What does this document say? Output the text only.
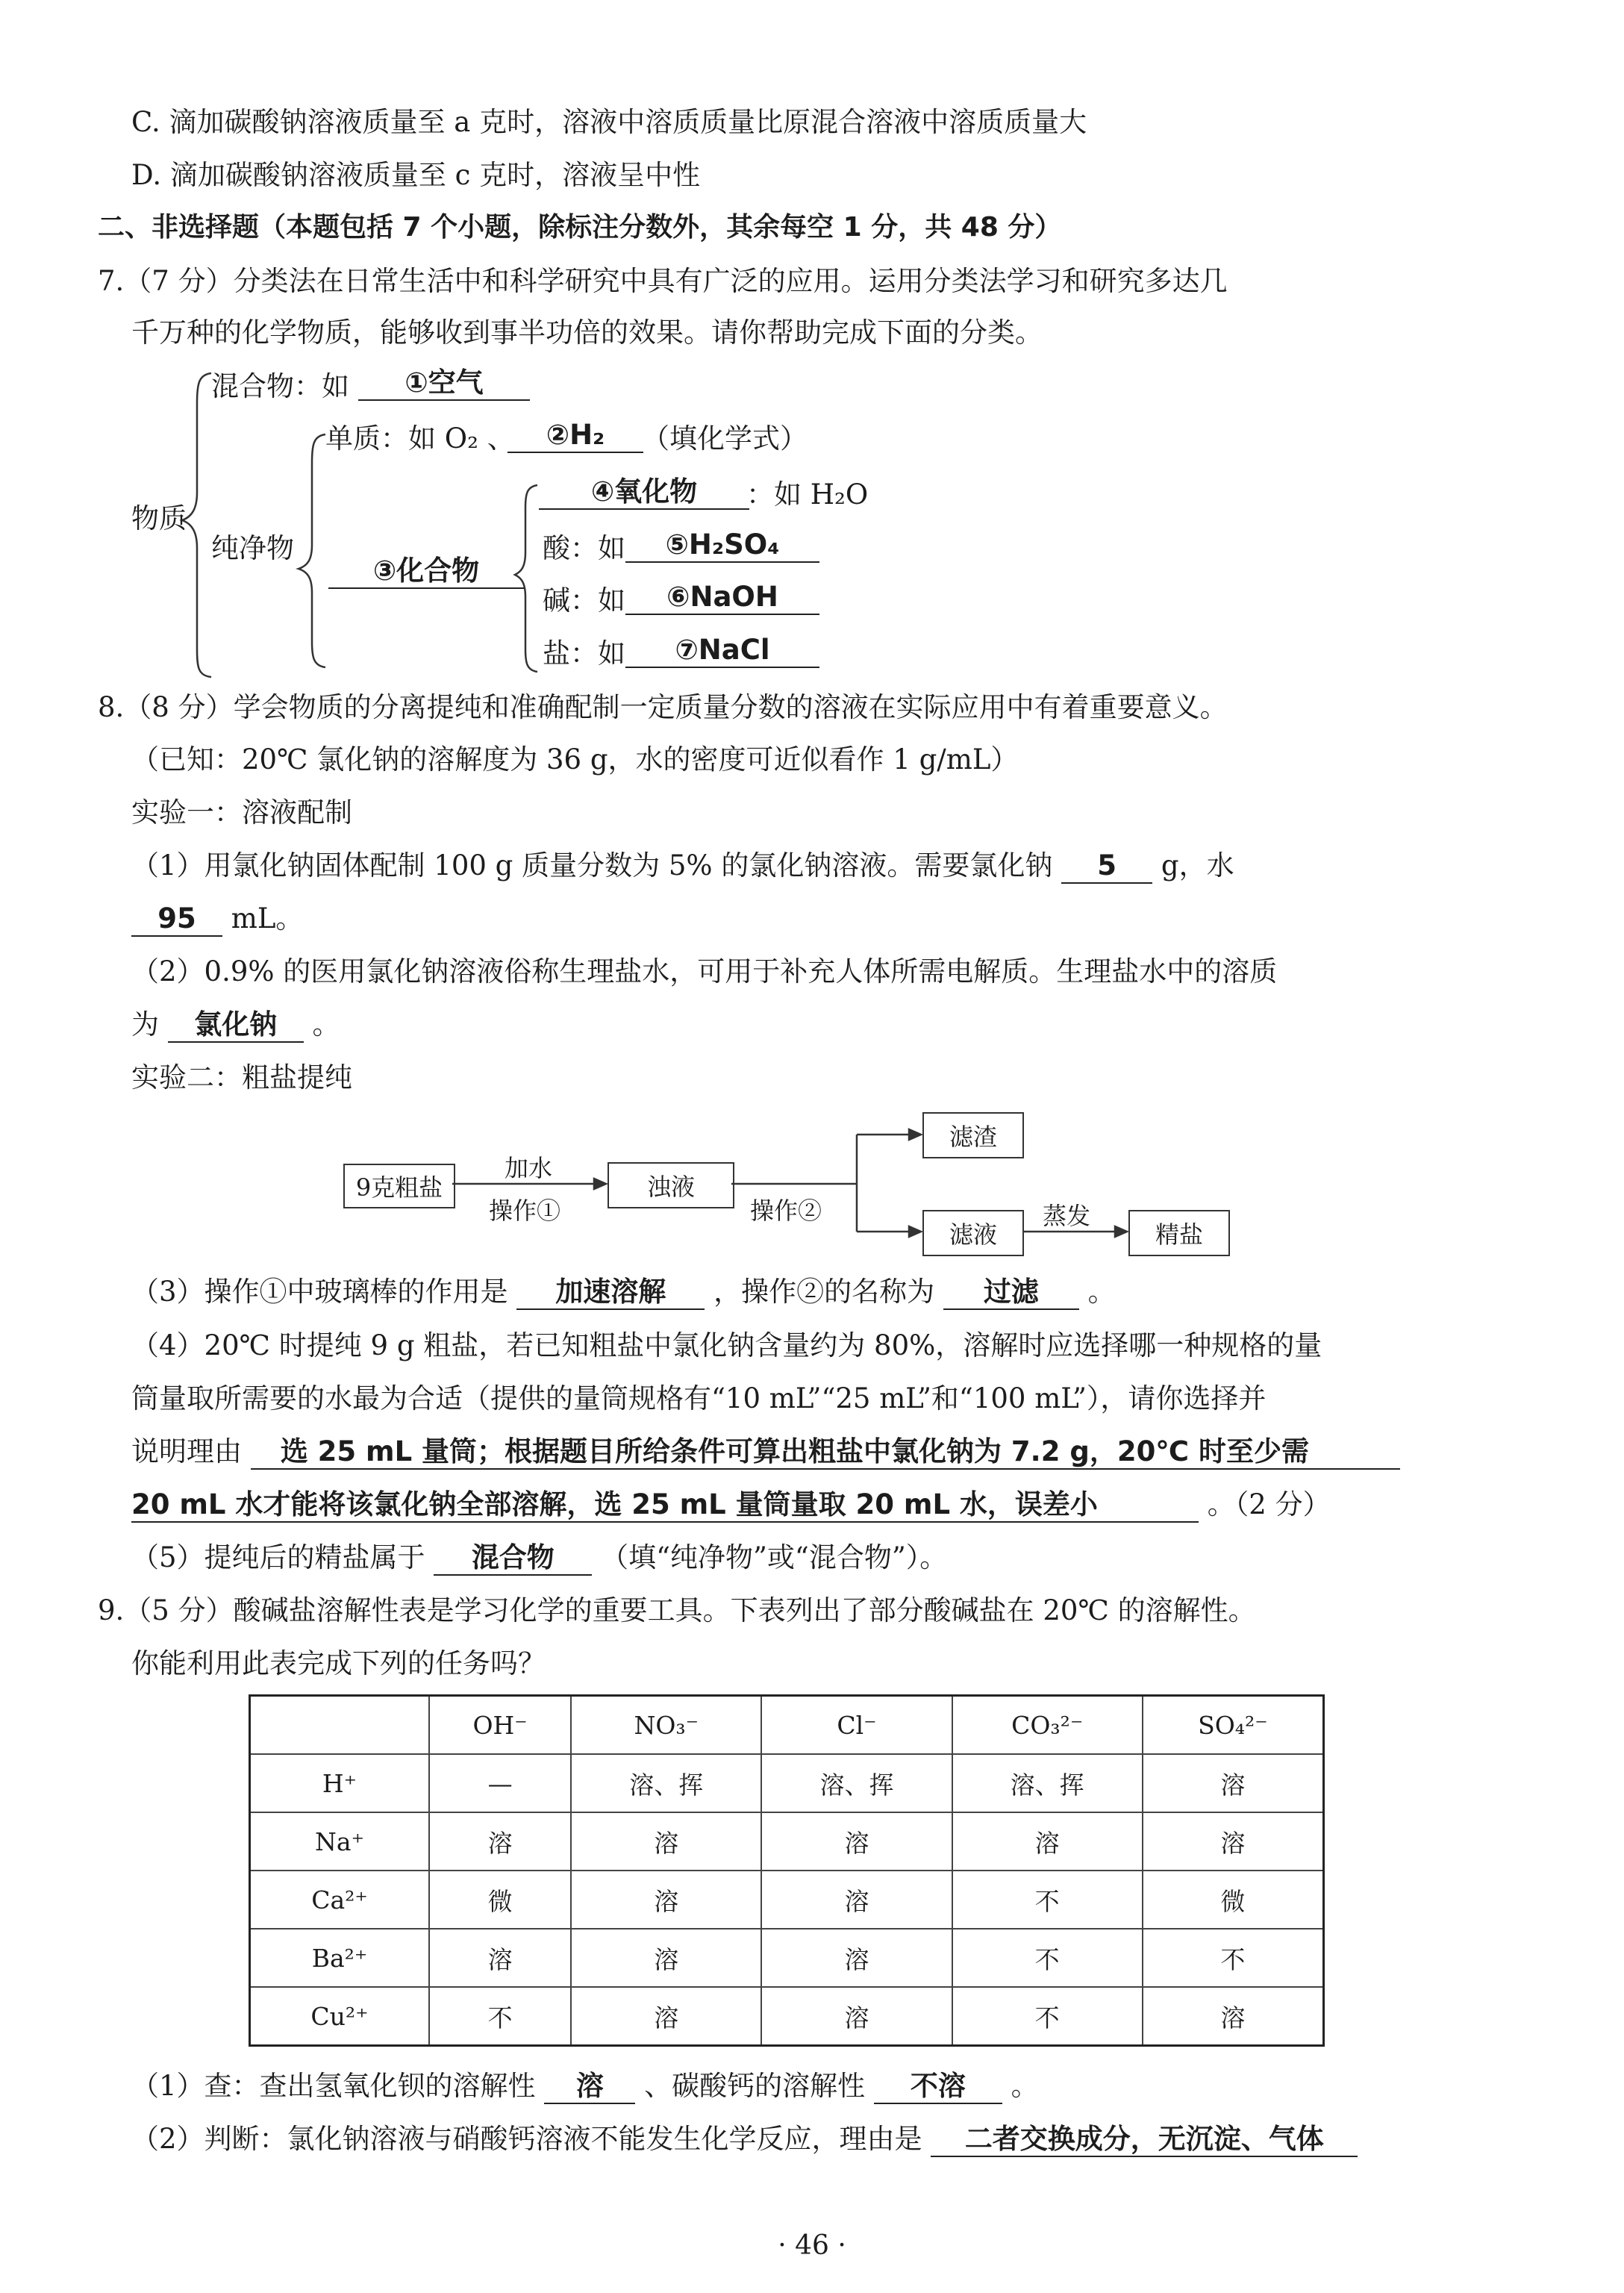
C. 滴加碳酸钠溶液质量至 a 克时，溶液中溶质质量比原混合溶液中溶质质量大
D. 滴加碳酸钠溶液质量至 c 克时，溶液呈中性
二、非选择题（本题包括 7 个小题，除标注分数外，其余每空 1 分，共 48 分）
7.（7 分）分类法在日常生活中和科学研究中具有广泛的应用。运用分类法学习和研究多达几
千万种的化学物质，能够收到事半功倍的效果。请你帮助完成下面的分类。
物质
混合物：如	①空气
纯净物
单质：如 O₂ 、	②H₂	（填化学式）
③化合物
④氧化物	：如 H₂O
酸：如	⑤H₂SO₄
碱：如	⑥NaOH
盐：如	⑦NaCl
8.（8 分）学会物质的分离提纯和准确配制一定质量分数的溶液在实际应用中有着重要意义。
（已知：20℃ 氯化钠的溶解度为 36 g，水的密度可近似看作 1 g/mL）
实验一：溶液配制
（1）用氯化钠固体配制 100 g 质量分数为 5% 的氯化钠溶液。需要氯化钠 5 g，水
95 mL。
（2）0.9% 的医用氯化钠溶液俗称生理盐水，可用于补充人体所需电解质。生理盐水中的溶质
为 氯化钠 。
实验二：粗盐提纯
9克粗盐
加水
操作①
浊液
操作②
滤渣
滤液
蒸发
精盐
（3）操作①中玻璃棒的作用是 加速溶解 ，操作②的名称为 过滤 。
（4）20℃ 时提纯 9 g 粗盐，若已知粗盐中氯化钠含量约为 80%，溶解时应选择哪一种规格的量
筒量取所需要的水最为合适（提供的量筒规格有“10 mL”“25 mL”和“100 mL”），请你选择并
说明理由 选 25 mL 量筒；根据题目所给条件可算出粗盐中氯化钠为 7.2 g，20℃ 时至少需
20 mL 水才能将该氯化钠全部溶解，选 25 mL 量筒量取 20 mL 水，误差小	。（2 分）
（5）提纯后的精盐属于 混合物 （填“纯净物”或“混合物”）。
9.（5 分）酸碱盐溶解性表是学习化学的重要工具。下表列出了部分酸碱盐在 20℃ 的溶解性。
你能利用此表完成下列的任务吗？
	OH⁻	NO₃⁻	Cl⁻	CO₃²⁻	SO₄²⁻
H⁺	—	溶、挥	溶、挥	溶、挥	溶
Na⁺	溶	溶	溶	溶	溶
Ca²⁺	微	溶	溶	不	微
Ba²⁺	溶	溶	溶	不	不
Cu²⁺	不	溶	溶	不	溶
（1）查：查出氢氧化钡的溶解性 溶 、碳酸钙的溶解性 不溶 。
（2）判断：氯化钠溶液与硝酸钙溶液不能发生化学反应，理由是 二者交换成分，无沉淀、气体
· 46 ·
